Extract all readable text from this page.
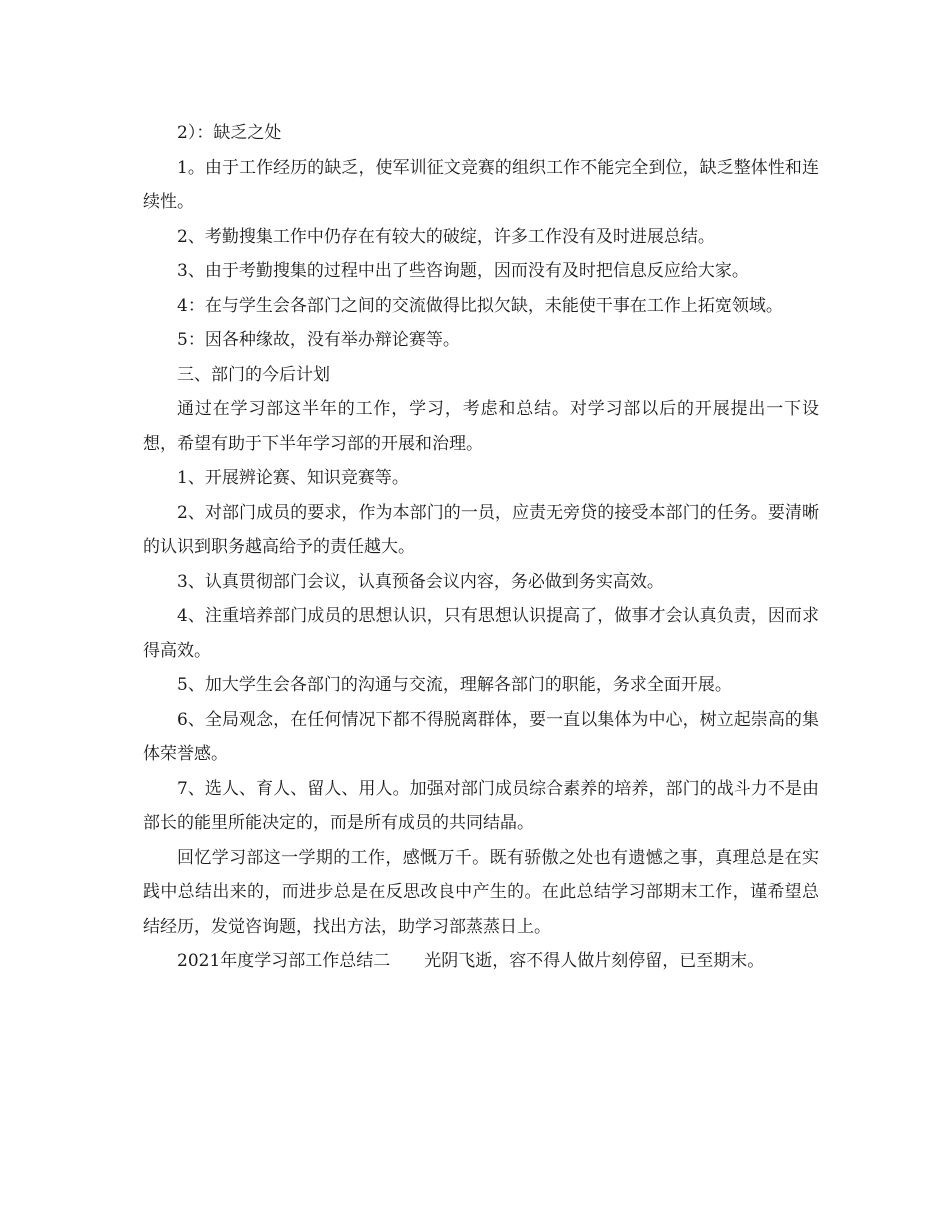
2）：缺乏之处

1。由于工作经历的缺乏，使军训征文竞赛的组织工作不能完全到位，缺乏整体性和连续性。

2、考勤搜集工作中仍存在有较大的破绽，许多工作没有及时进展总结。

3、由于考勤搜集的过程中出了些咨询题，因而没有及时把信息反应给大家。

4：在与学生会各部门之间的交流做得比拟欠缺，未能使干事在工作上拓宽领域。

5：因各种缘故，没有举办辩论赛等。

三、部门的今后计划

通过在学习部这半年的工作，学习，考虑和总结。对学习部以后的开展提出一下设想，希望有助于下半年学习部的开展和治理。

1、开展辨论赛、知识竞赛等。

2、对部门成员的要求，作为本部门的一员，应责无旁贷的接受本部门的任务。要清晰的认识到职务越高给予的责任越大。

3、认真贯彻部门会议，认真预备会议内容，务必做到务实高效。

4、注重培养部门成员的思想认识，只有思想认识提高了，做事才会认真负责，因而求得高效。

5、加大学生会各部门的沟通与交流，理解各部门的职能，务求全面开展。

6、全局观念，在任何情况下都不得脱离群体，要一直以集体为中心，树立起崇高的集体荣誉感。

7、选人、育人、留人、用人。加强对部门成员综合素养的培养，部门的战斗力不是由部长的能里所能决定的，而是所有成员的共同结晶。

回忆学习部这一学期的工作，感慨万千。既有骄傲之处也有遗憾之事，真理总是在实践中总结出来的，而进步总是在反思改良中产生的。在此总结学习部期末工作，谨希望总结经历，发觉咨询题，找出方法，助学习部蒸蒸日上。

2021年度学习部工作总结二　　光阴飞逝，容不得人做片刻停留，已至期末。
